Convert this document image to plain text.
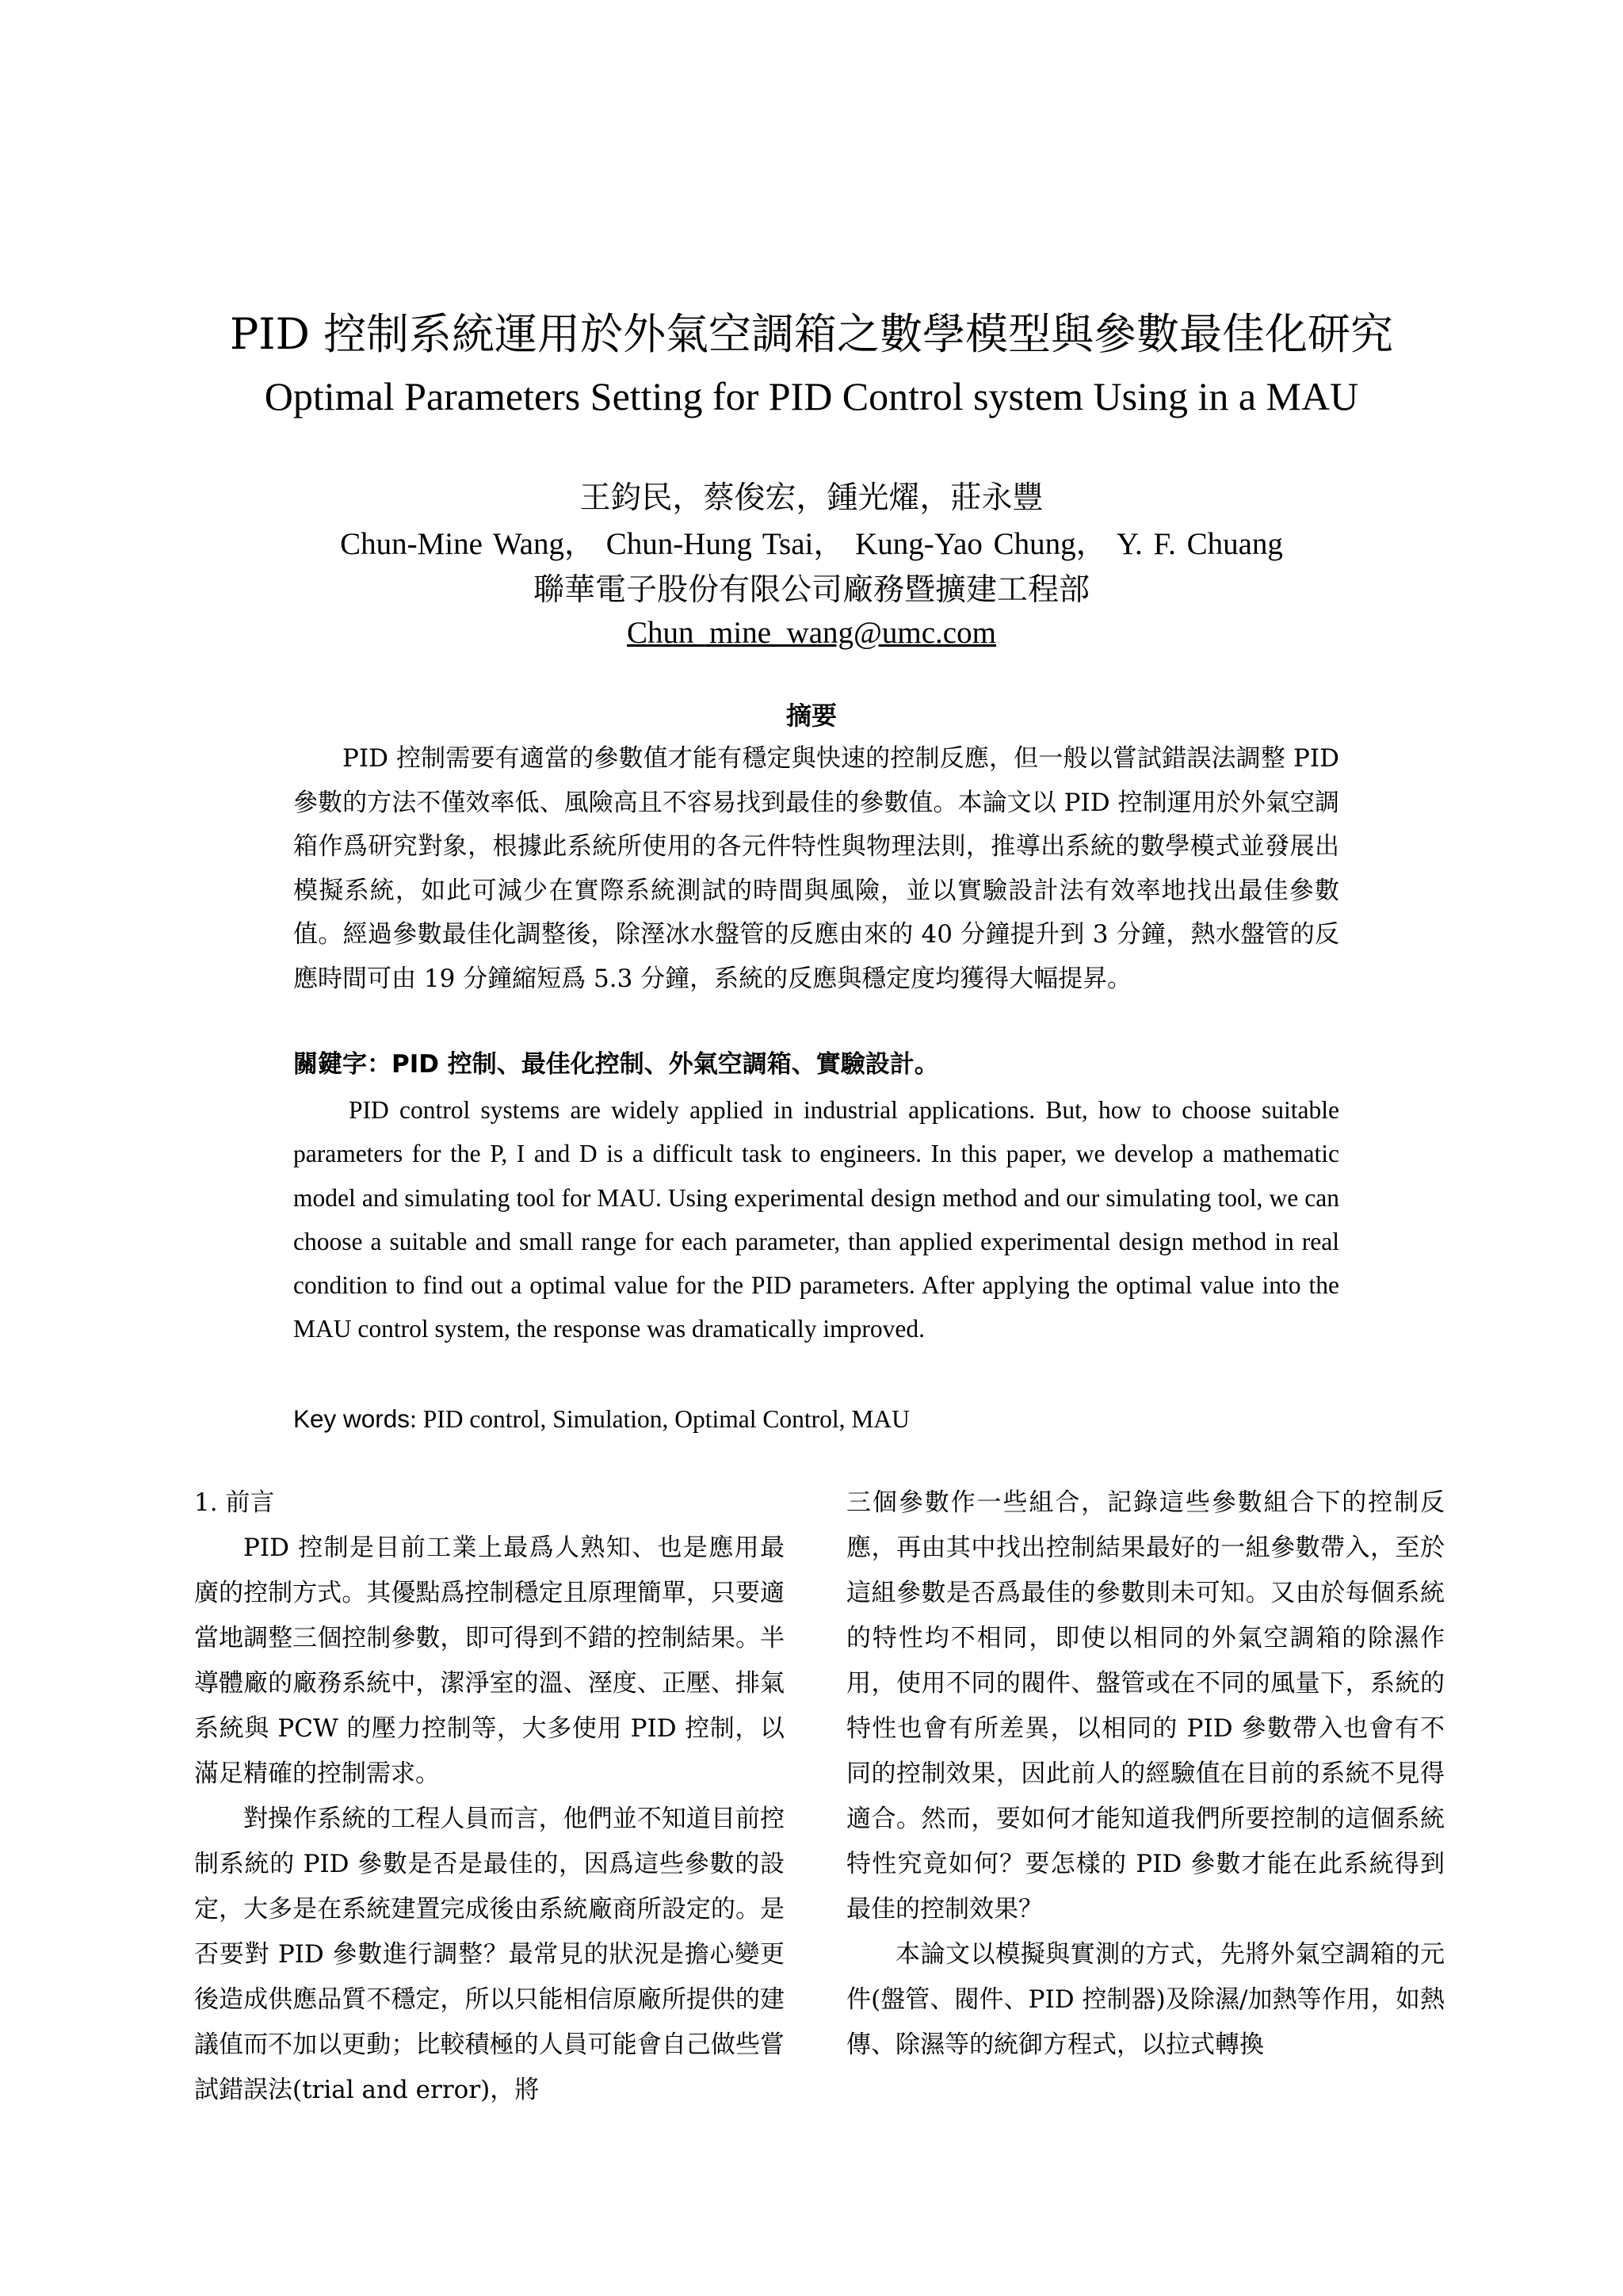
PID 控制系統運用於外氣空調箱之數學模型與參數最佳化研究
Optimal Parameters Setting for PID Control system Using in a MAU
王鈞民，蔡俊宏，鍾光燿，莊永豐
Chun-Mine Wang， Chun-Hung Tsai， Kung-Yao Chung， Y. F. Chuang
聯華電子股份有限公司廠務暨擴建工程部
Chun_mine_wang@umc.com
摘要

PID 控制需要有適當的參數值才能有穩定與快速的控制反應，但一般以嘗試錯誤法調整 PID 參數的方法不僅效率低、風險高且不容易找到最佳的參數值。本論文以 PID 控制運用於外氣空調箱作爲研究對象，根據此系統所使用的各元件特性與物理法則，推導出系統的數學模式並發展出模擬系統，如此可減少在實際系統測試的時間與風險，並以實驗設計法有效率地找出最佳參數值。經過參數最佳化調整後，除溼冰水盤管的反應由來的 40 分鐘提升到 3 分鐘，熱水盤管的反應時間可由 19 分鐘縮短爲 5.3 分鐘，系統的反應與穩定度均獲得大幅提昇。

關鍵字：PID 控制、最佳化控制、外氣空調箱、實驗設計。

PID control systems are widely applied in industrial applications. But, how to choose suitable parameters for the P, I and D is a difficult task to engineers. In this paper, we develop a mathematic model and simulating tool for MAU. Using experimental design method and our simulating tool, we can choose a suitable and small range for each parameter, than applied experimental design method in real condition to find out a optimal value for the PID parameters. After applying the optimal value into the MAU control system, the response was dramatically improved.

Key words: PID control, Simulation, Optimal Control, MAU

1. 前言

PID 控制是目前工業上最爲人熟知、也是應用最廣的控制方式。其優點爲控制穩定且原理簡單，只要適當地調整三個控制參數，即可得到不錯的控制結果。半導體廠的廠務系統中，潔淨室的溫、溼度、正壓、排氣系統與 PCW 的壓力控制等，大多使用 PID 控制，以滿足精確的控制需求。

對操作系統的工程人員而言，他們並不知道目前控制系統的 PID 參數是否是最佳的，因爲這些參數的設定，大多是在系統建置完成後由系統廠商所設定的。是否要對 PID 參數進行調整？最常見的狀況是擔心變更後造成供應品質不穩定，所以只能相信原廠所提供的建議值而不加以更動；比較積極的人員可能會自己做些嘗試錯誤法(trial and error)，將

三個參數作一些組合，記錄這些參數組合下的控制反應，再由其中找出控制結果最好的一組參數帶入，至於這組參數是否爲最佳的參數則未可知。又由於每個系統的特性均不相同，即使以相同的外氣空調箱的除濕作用，使用不同的閥件、盤管或在不同的風量下，系統的特性也會有所差異，以相同的 PID 參數帶入也會有不同的控制效果，因此前人的經驗值在目前的系統不見得適合。然而，要如何才能知道我們所要控制的這個系統特性究竟如何？要怎樣的 PID 參數才能在此系統得到最佳的控制效果？

本論文以模擬與實測的方式，先將外氣空調箱的元件(盤管、閥件、PID 控制器)及除濕/加熱等作用，如熱傳、除濕等的統御方程式，以拉式轉換
